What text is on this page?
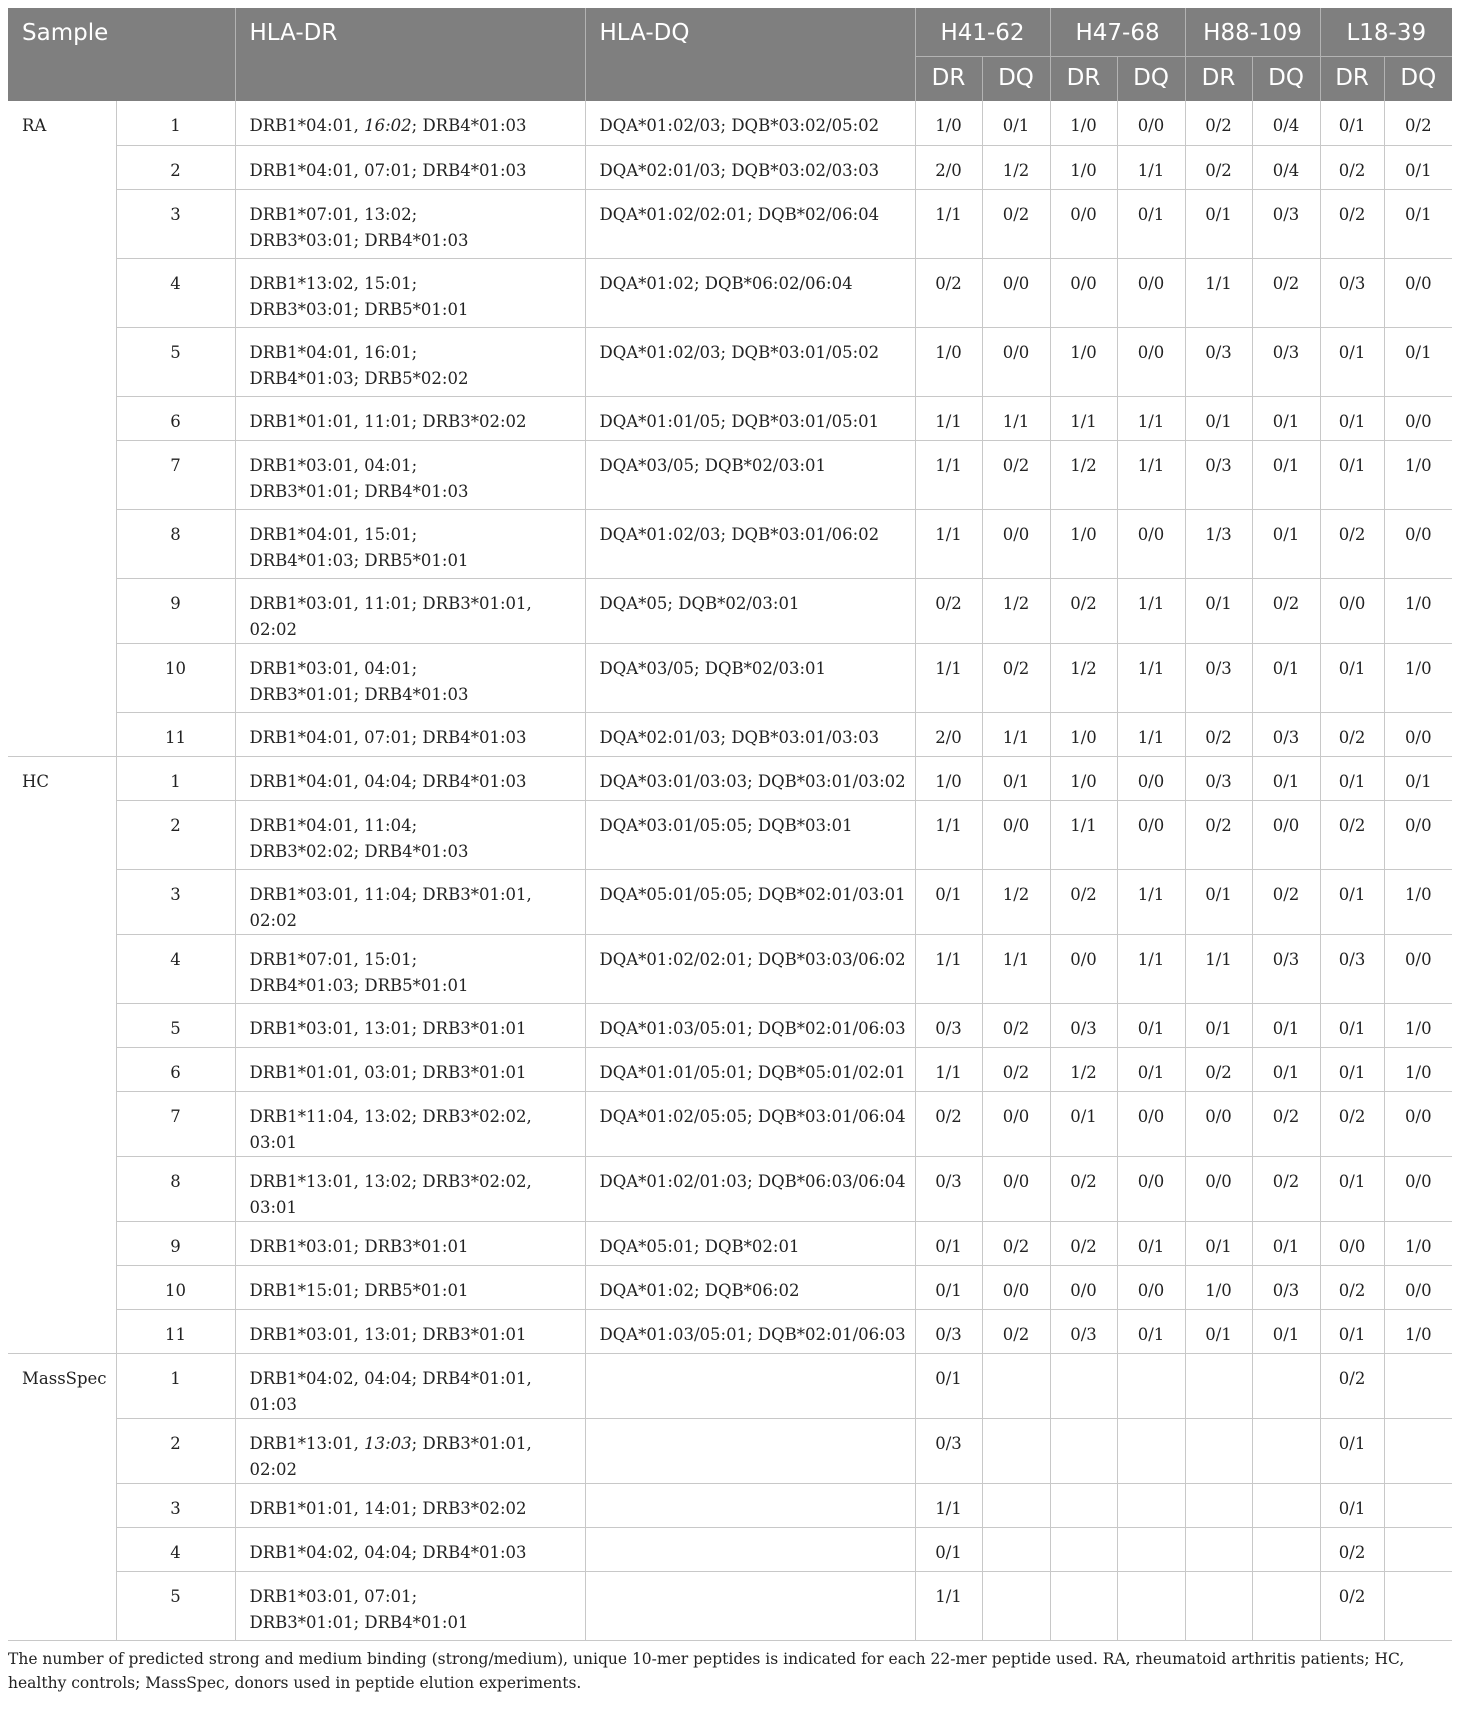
Sample		HLA-DR	HLA-DQ	H41-62		H47-68		H88-109		L18-39	
				DR	DQ	DR	DQ	DR	DQ	DR	DQ
RA	1	DRB1*04:01, 16:02; DRB4*01:03	DQA*01:02/03; DQB*03:02/05:02	1/0	0/1	1/0	0/0	0/2	0/4	0/1	0/2
	2	DRB1*04:01, 07:01; DRB4*01:03	DQA*02:01/03; DQB*03:02/03:03	2/0	1/2	1/0	1/1	0/2	0/4	0/2	0/1
	3	DRB1*07:01, 13:02;
DRB3*03:01; DRB4*01:03	DQA*01:02/02:01; DQB*02/06:04	1/1	0/2	0/0	0/1	0/1	0/3	0/2	0/1
	4	DRB1*13:02, 15:01;
DRB3*03:01; DRB5*01:01	DQA*01:02; DQB*06:02/06:04	0/2	0/0	0/0	0/0	1/1	0/2	0/3	0/0
	5	DRB1*04:01, 16:01;
DRB4*01:03; DRB5*02:02	DQA*01:02/03; DQB*03:01/05:02	1/0	0/0	1/0	0/0	0/3	0/3	0/1	0/1
	6	DRB1*01:01, 11:01; DRB3*02:02	DQA*01:01/05; DQB*03:01/05:01	1/1	1/1	1/1	1/1	0/1	0/1	0/1	0/0
	7	DRB1*03:01, 04:01;
DRB3*01:01; DRB4*01:03	DQA*03/05; DQB*02/03:01	1/1	0/2	1/2	1/1	0/3	0/1	0/1	1/0
	8	DRB1*04:01, 15:01;
DRB4*01:03; DRB5*01:01	DQA*01:02/03; DQB*03:01/06:02	1/1	0/0	1/0	0/0	1/3	0/1	0/2	0/0
	9	DRB1*03:01, 11:01; DRB3*01:01, 02:02	DQA*05; DQB*02/03:01	0/2	1/2	0/2	1/1	0/1	0/2	0/0	1/0
	10	DRB1*03:01, 04:01;
DRB3*01:01; DRB4*01:03	DQA*03/05; DQB*02/03:01	1/1	0/2	1/2	1/1	0/3	0/1	0/1	1/0
	11	DRB1*04:01, 07:01; DRB4*01:03	DQA*02:01/03; DQB*03:01/03:03	2/0	1/1	1/0	1/1	0/2	0/3	0/2	0/0
HC	1	DRB1*04:01, 04:04; DRB4*01:03	DQA*03:01/03:03; DQB*03:01/03:02	1/0	0/1	1/0	0/0	0/3	0/1	0/1	0/1
	2	DRB1*04:01, 11:04;
DRB3*02:02; DRB4*01:03	DQA*03:01/05:05; DQB*03:01	1/1	0/0	1/1	0/0	0/2	0/0	0/2	0/0
	3	DRB1*03:01, 11:04; DRB3*01:01, 02:02	DQA*05:01/05:05; DQB*02:01/03:01	0/1	1/2	0/2	1/1	0/1	0/2	0/1	1/0
	4	DRB1*07:01, 15:01;
DRB4*01:03; DRB5*01:01	DQA*01:02/02:01; DQB*03:03/06:02	1/1	1/1	0/0	1/1	1/1	0/3	0/3	0/0
	5	DRB1*03:01, 13:01; DRB3*01:01	DQA*01:03/05:01; DQB*02:01/06:03	0/3	0/2	0/3	0/1	0/1	0/1	0/1	1/0
	6	DRB1*01:01, 03:01; DRB3*01:01	DQA*01:01/05:01; DQB*05:01/02:01	1/1	0/2	1/2	0/1	0/2	0/1	0/1	1/0
	7	DRB1*11:04, 13:02; DRB3*02:02, 03:01	DQA*01:02/05:05; DQB*03:01/06:04	0/2	0/0	0/1	0/0	0/0	0/2	0/2	0/0
	8	DRB1*13:01, 13:02; DRB3*02:02, 03:01	DQA*01:02/01:03; DQB*06:03/06:04	0/3	0/0	0/2	0/0	0/0	0/2	0/1	0/0
	9	DRB1*03:01; DRB3*01:01	DQA*05:01; DQB*02:01	0/1	0/2	0/2	0/1	0/1	0/1	0/0	1/0
	10	DRB1*15:01; DRB5*01:01	DQA*01:02; DQB*06:02	0/1	0/0	0/0	0/0	1/0	0/3	0/2	0/0
	11	DRB1*03:01, 13:01; DRB3*01:01	DQA*01:03/05:01; DQB*02:01/06:03	0/3	0/2	0/3	0/1	0/1	0/1	0/1	1/0
MassSpec	1	DRB1*04:02, 04:04; DRB4*01:01, 01:03		0/1						0/2	
	2	DRB1*13:01, 13:03; DRB3*01:01, 02:02		0/3						0/1	
	3	DRB1*01:01, 14:01; DRB3*02:02		1/1						0/1	
	4	DRB1*04:02, 04:04; DRB4*01:03		0/1						0/2	
	5	DRB1*03:01, 07:01;
DRB3*01:01; DRB4*01:01		1/1						0/2	
The number of predicted strong and medium binding (strong/medium), unique 10-mer peptides is indicated for each 22-mer peptide used. RA, rheumatoid arthritis patients; HC, healthy controls; MassSpec, donors used in peptide elution experiments.
